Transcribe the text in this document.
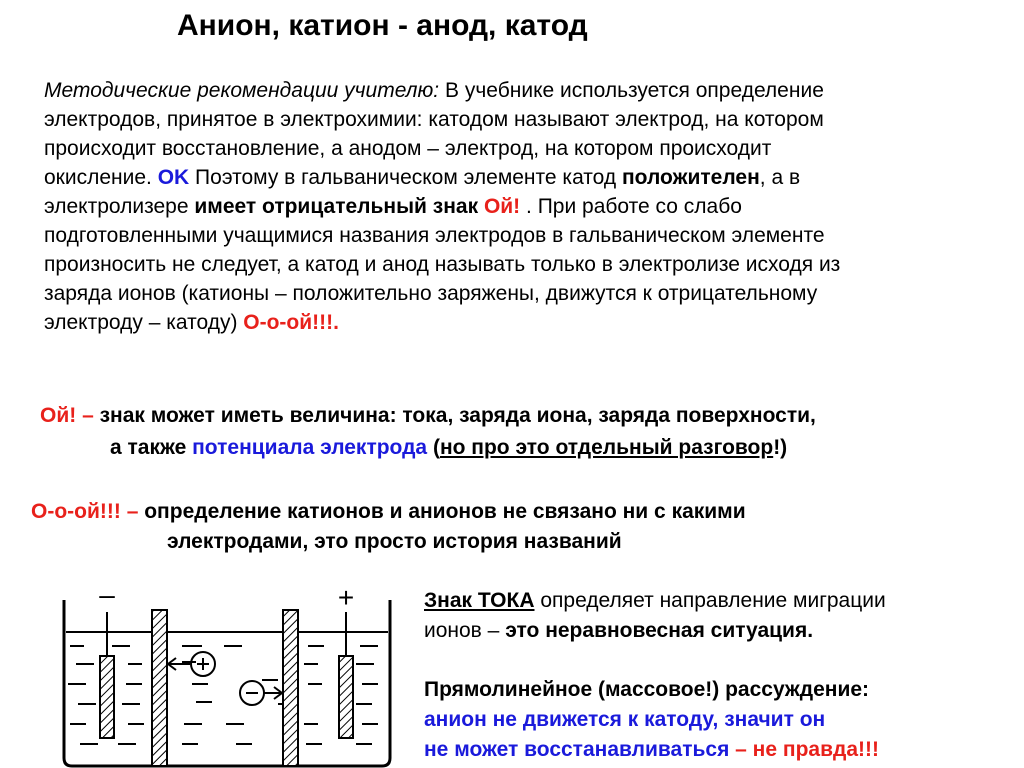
Анион, катион - анод, катод
Методические рекомендации учителю: В учебнике используется определение
электродов, принятое в электрохимии: катодом называют электрод, на котором
происходит восстановление, а анодом – электрод, на котором происходит
окисление. OK Поэтому в гальваническом элементе катод положителен, а в
электролизере имеет отрицательный знак Ой! . При работе со слабо
подготовленными учащимися названия электродов в гальваническом элементе
произносить не следует, а катод и анод называть только в электролизе исходя из
заряда ионов (катионы – положительно заряжены, движутся к отрицательному
электроду – катоду) О-о-ой!!!.
Ой! – знак может иметь величина: тока, заряда иона, заряда поверхности,
а также потенциала электрода (но про это отдельный разговор!)
О-о-ой!!! – определение катионов и анионов не связано ни с какими
электродами, это просто история названий
–	+	Знак ТОКА определяет направление миграции
ионов – это неравновесная ситуация.
Прямолинейное (массовое!) рассуждение:
анион не движется к катоду, значит он
не может восстанавливаться – не правда!!!
